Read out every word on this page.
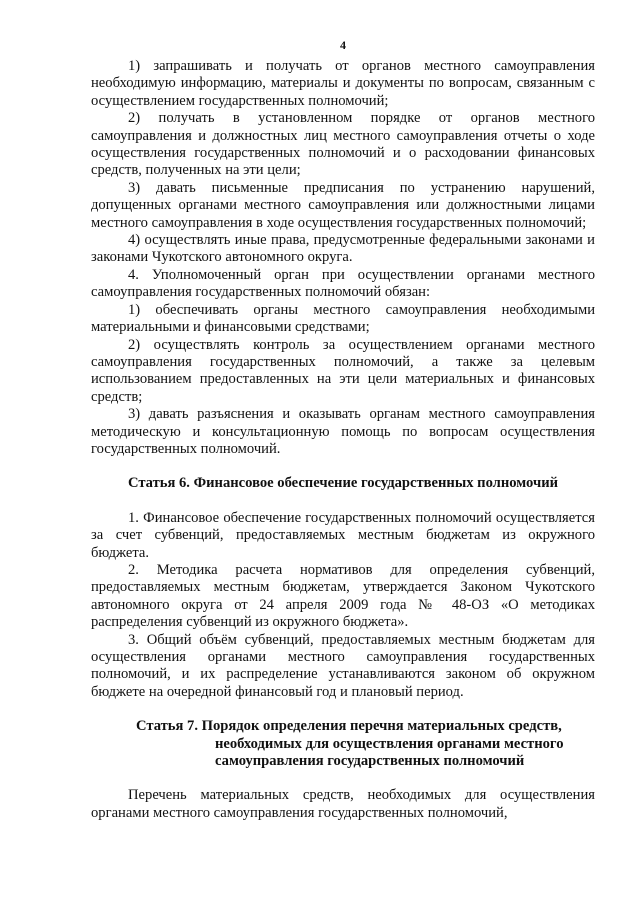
4

1) запрашивать и получать от органов местного самоуправления необходимую информацию, материалы и документы по вопросам, связанным с осуществлением государственных полномочий;

2) получать в установленном порядке от органов местного самоуправления и должностных лиц местного самоуправления отчеты о ходе осуществления государственных полномочий и о расходовании финансовых средств, полученных на эти цели;

3) давать письменные предписания по устранению нарушений, допущенных органами местного самоуправления или должностными лицами местного самоуправления в ходе осуществления государственных полномочий;

4) осуществлять иные права, предусмотренные федеральными законами и законами Чукотского автономного округа.

4. Уполномоченный орган при осуществлении органами местного самоуправления государственных полномочий обязан:

1) обеспечивать органы местного самоуправления необходимыми материальными и финансовыми средствами;

2) осуществлять контроль за осуществлением органами местного самоуправления государственных полномочий, а также за целевым использованием предоставленных на эти цели материальных и финансовых средств;

3) давать разъяснения и оказывать органам местного самоуправления методическую и консультационную помощь по вопросам осуществления государственных полномочий.

Статья 6. Финансовое обеспечение государственных полномочий

1. Финансовое обеспечение государственных полномочий осуществляется за счет субвенций, предоставляемых местным бюджетам из окружного бюджета.

2. Методика расчета нормативов для определения субвенций, предоставляемых местным бюджетам, утверждается Законом Чукотского автономного округа от 24 апреля 2009 года № 48-ОЗ «О методиках распределения субвенций из окружного бюджета».

3. Общий объём субвенций, предоставляемых местным бюджетам для осуществления органами местного самоуправления государственных полномочий, и их распределение устанавливаются законом об окружном бюджете на очередной финансовый год и плановый период.

Статья 7. Порядок определения перечня материальных средств,
необходимых для осуществления органами местного
самоуправления государственных полномочий

Перечень материальных средств, необходимых для осуществления органами местного самоуправления государственных полномочий,
